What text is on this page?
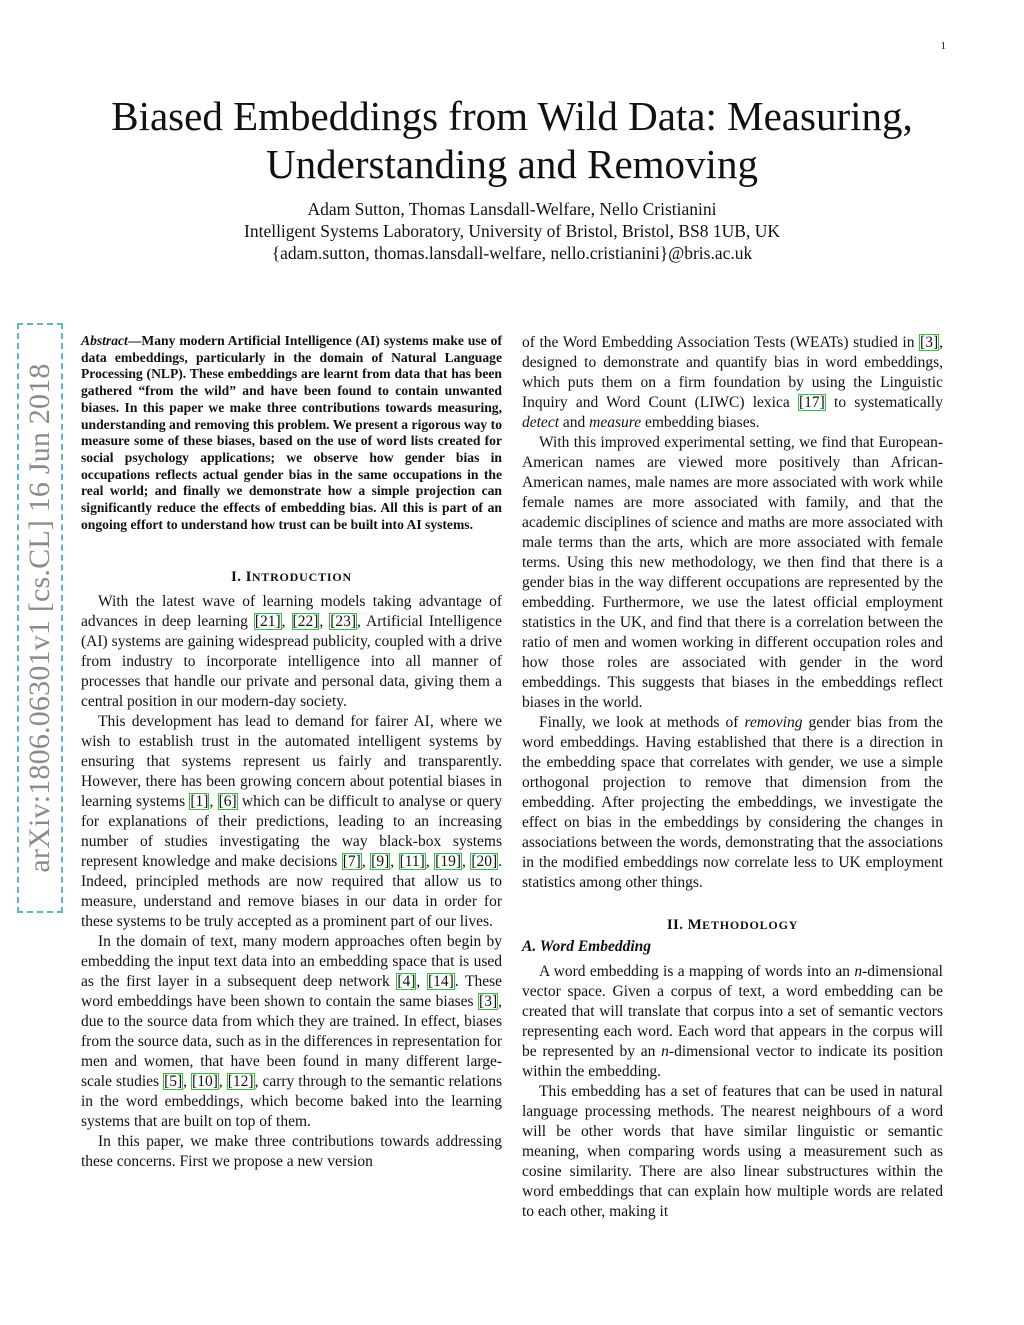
1
arXiv:1806.06301v1 [cs.CL] 16 Jun 2018
Biased Embeddings from Wild Data: Measuring, Understanding and Removing
Adam Sutton, Thomas Lansdall-Welfare, Nello Cristianini
Intelligent Systems Laboratory, University of Bristol, Bristol, BS8 1UB, UK
{adam.sutton, thomas.lansdall-welfare, nello.cristianini}@bris.ac.uk

Abstract—Many modern Artificial Intelligence (AI) systems make use of data embeddings, particularly in the domain of Natural Language Processing (NLP). These embeddings are learnt from data that has been gathered “from the wild” and have been found to contain unwanted biases. In this paper we make three contributions towards measuring, understanding and removing this problem. We present a rigorous way to measure some of these biases, based on the use of word lists created for social psychology applications; we observe how gender bias in occupations reflects actual gender bias in the same occupations in the real world; and finally we demonstrate how a simple projection can significantly reduce the effects of embedding bias. All this is part of an ongoing effort to understand how trust can be built into AI systems.

I. INTRODUCTION

With the latest wave of learning models taking advantage of advances in deep learning [21], [22], [23], Artificial Intelligence (AI) systems are gaining widespread publicity, coupled with a drive from industry to incorporate intelligence into all manner of processes that handle our private and personal data, giving them a central position in our modern-day society.

This development has lead to demand for fairer AI, where we wish to establish trust in the automated intelligent systems by ensuring that systems represent us fairly and transparently. However, there has been growing concern about potential biases in learning systems [1], [6] which can be difficult to analyse or query for explanations of their predictions, leading to an increasing number of studies investigating the way black-box systems represent knowledge and make decisions [7], [9], [11], [19], [20]. Indeed, principled methods are now required that allow us to measure, understand and remove biases in our data in order for these systems to be truly accepted as a prominent part of our lives.

In the domain of text, many modern approaches often begin by embedding the input text data into an embedding space that is used as the first layer in a subsequent deep network [4], [14]. These word embeddings have been shown to contain the same biases [3], due to the source data from which they are trained. In effect, biases from the source data, such as in the differences in representation for men and women, that have been found in many different large-scale studies [5], [10], [12], carry through to the semantic relations in the word embeddings, which become baked into the learning systems that are built on top of them.

In this paper, we make three contributions towards addressing these concerns. First we propose a new version

of the Word Embedding Association Tests (WEATs) studied in [3], designed to demonstrate and quantify bias in word embeddings, which puts them on a firm foundation by using the Linguistic Inquiry and Word Count (LIWC) lexica [17] to systematically detect and measure embedding biases.

With this improved experimental setting, we find that European-American names are viewed more positively than African-American names, male names are more associated with work while female names are more associated with family, and that the academic disciplines of science and maths are more associated with male terms than the arts, which are more associated with female terms. Using this new methodology, we then find that there is a gender bias in the way different occupations are represented by the embedding. Furthermore, we use the latest official employment statistics in the UK, and find that there is a correlation between the ratio of men and women working in different occupation roles and how those roles are associated with gender in the word embeddings. This suggests that biases in the embeddings reflect biases in the world.

Finally, we look at methods of removing gender bias from the word embeddings. Having established that there is a direction in the embedding space that correlates with gender, we use a simple orthogonal projection to remove that dimension from the embedding. After projecting the embeddings, we investigate the effect on bias in the embeddings by considering the changes in associations between the words, demonstrating that the associations in the modified embeddings now correlate less to UK employment statistics among other things.

II. METHODOLOGY
A. Word Embedding

A word embedding is a mapping of words into an n-dimensional vector space. Given a corpus of text, a word embedding can be created that will translate that corpus into a set of semantic vectors representing each word. Each word that appears in the corpus will be represented by an n-dimensional vector to indicate its position within the embedding.

This embedding has a set of features that can be used in natural language processing methods. The nearest neighbours of a word will be other words that have similar linguistic or semantic meaning, when comparing words using a measurement such as cosine similarity. There are also linear substructures within the word embeddings that can explain how multiple words are related to each other, making it
